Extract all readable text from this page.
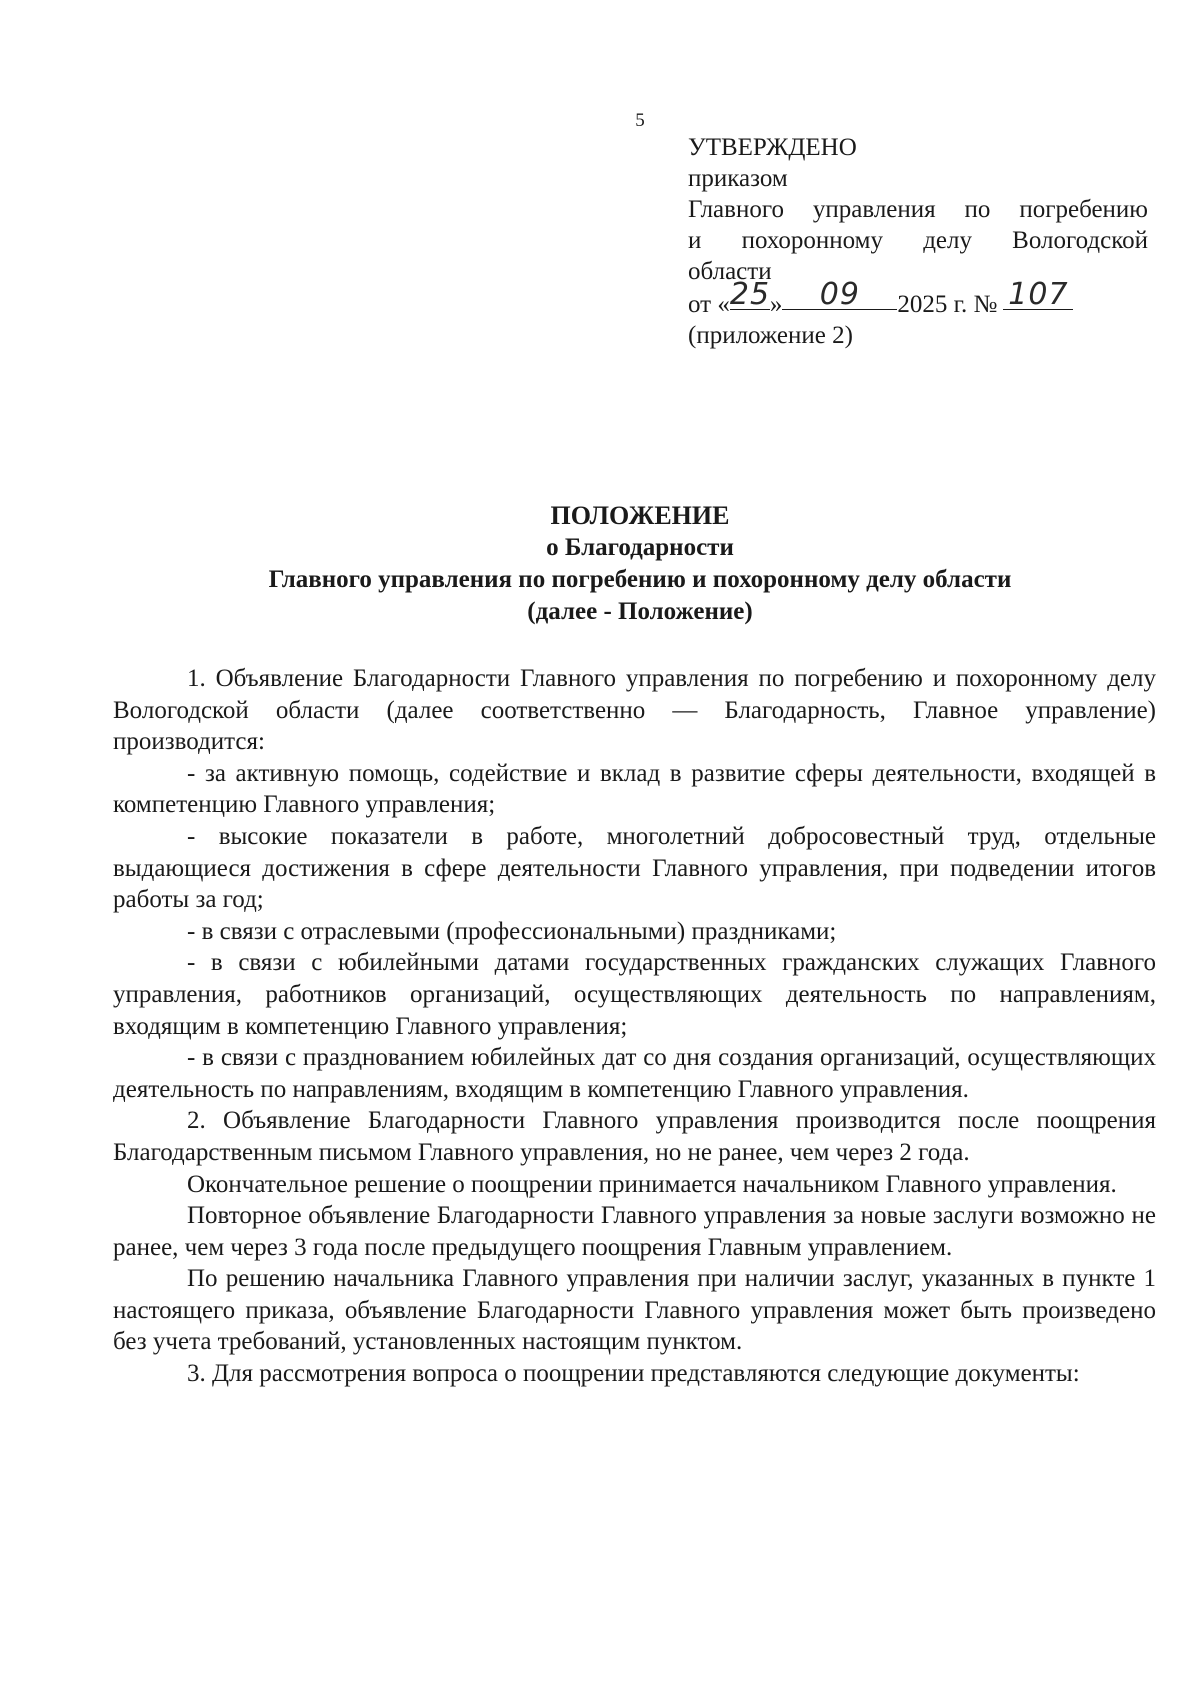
5
УТВЕРЖДЕНО
приказом
Главного управления по погребению
и похоронному делу Вологодской
области
от «25» 09 2025 г. № 107
(приложение 2)
ПОЛОЖЕНИЕ
о Благодарности
Главного управления по погребению и похоронному делу области
(далее - Положение)

1. Объявление Благодарности Главного управления по погребению и похоронному делу Вологодской области (далее соответственно — Благодарность, Главное управление) производится:

- за активную помощь, содействие и вклад в развитие сферы деятельности, входящей в компетенцию Главного управления;

- высокие показатели в работе, многолетний добросовестный труд, отдельные выдающиеся достижения в сфере деятельности Главного управления, при подведении итогов работы за год;

- в связи с отраслевыми (профессиональными) праздниками;

- в связи с юбилейными датами государственных гражданских служащих Главного управления, работников организаций, осуществляющих деятельность по направлениям, входящим в компетенцию Главного управления;

- в связи с празднованием юбилейных дат со дня создания организаций, осуществляющих деятельность по направлениям, входящим в компетенцию Главного управления.

2. Объявление Благодарности Главного управления производится после поощрения Благодарственным письмом Главного управления, но не ранее, чем через 2 года.

Окончательное решение о поощрении принимается начальником Главного управления.

Повторное объявление Благодарности Главного управления за новые заслуги возможно не ранее, чем через 3 года после предыдущего поощрения Главным управлением.

По решению начальника Главного управления при наличии заслуг, указанных в пункте 1 настоящего приказа, объявление Благодарности Главного управления может быть произведено без учета требований, установленных настоящим пунктом.

3. Для рассмотрения вопроса о поощрении представляются следующие документы:
